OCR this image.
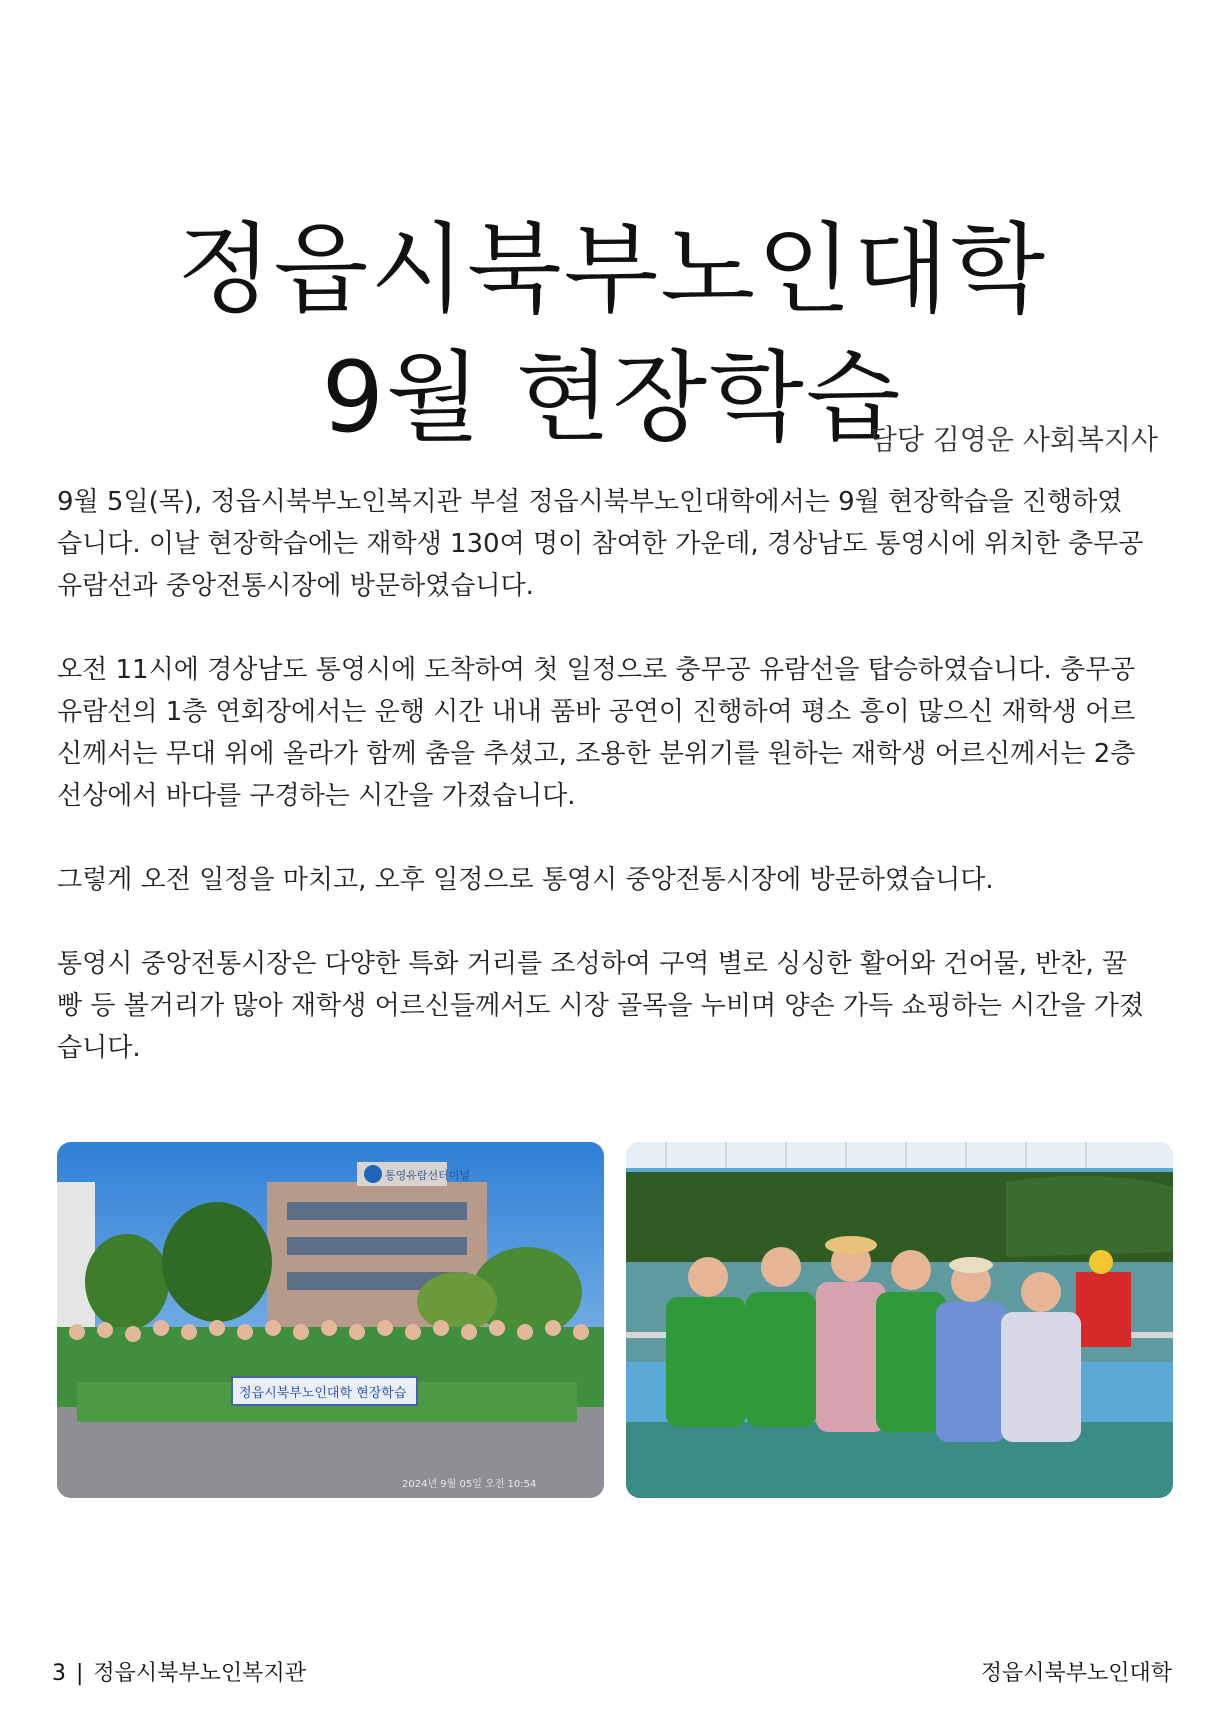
정읍시북부노인대학
9월 현장학습
담당 김영운 사회복지사

9월 5일(목), 정읍시북부노인복지관 부설 정읍시북부노인대학에서는 9월 현장학습을 진행하였
습니다. 이날 현장학습에는 재학생 130여 명이 참여한 가운데, 경상남도 통영시에 위치한 충무공
유람선과 중앙전통시장에 방문하였습니다.

오전 11시에 경상남도 통영시에 도착하여 첫 일정으로 충무공 유람선을 탑승하였습니다. 충무공
유람선의 1층 연회장에서는 운행 시간 내내 품바 공연이 진행하여 평소 흥이 많으신 재학생 어르
신께서는 무대 위에 올라가 함께 춤을 추셨고, 조용한 분위기를 원하는 재학생 어르신께서는 2층
선상에서 바다를 구경하는 시간을 가졌습니다.

그렇게 오전 일정을 마치고, 오후 일정으로 통영시 중앙전통시장에 방문하였습니다.

통영시 중앙전통시장은 다양한 특화 거리를 조성하여 구역 별로 싱싱한 활어와 건어물, 반찬, 꿀
빵 등 볼거리가 많아 재학생 어르신들께서도 시장 골목을 누비며 양손 가득 쇼핑하는 시간을 가졌
습니다.

통영유람선터미널
정읍시북부노인대학 현장학습
2024년 9월 05일 오전 10:54
3 | 정읍시북부노인복지관	정읍시북부노인대학
